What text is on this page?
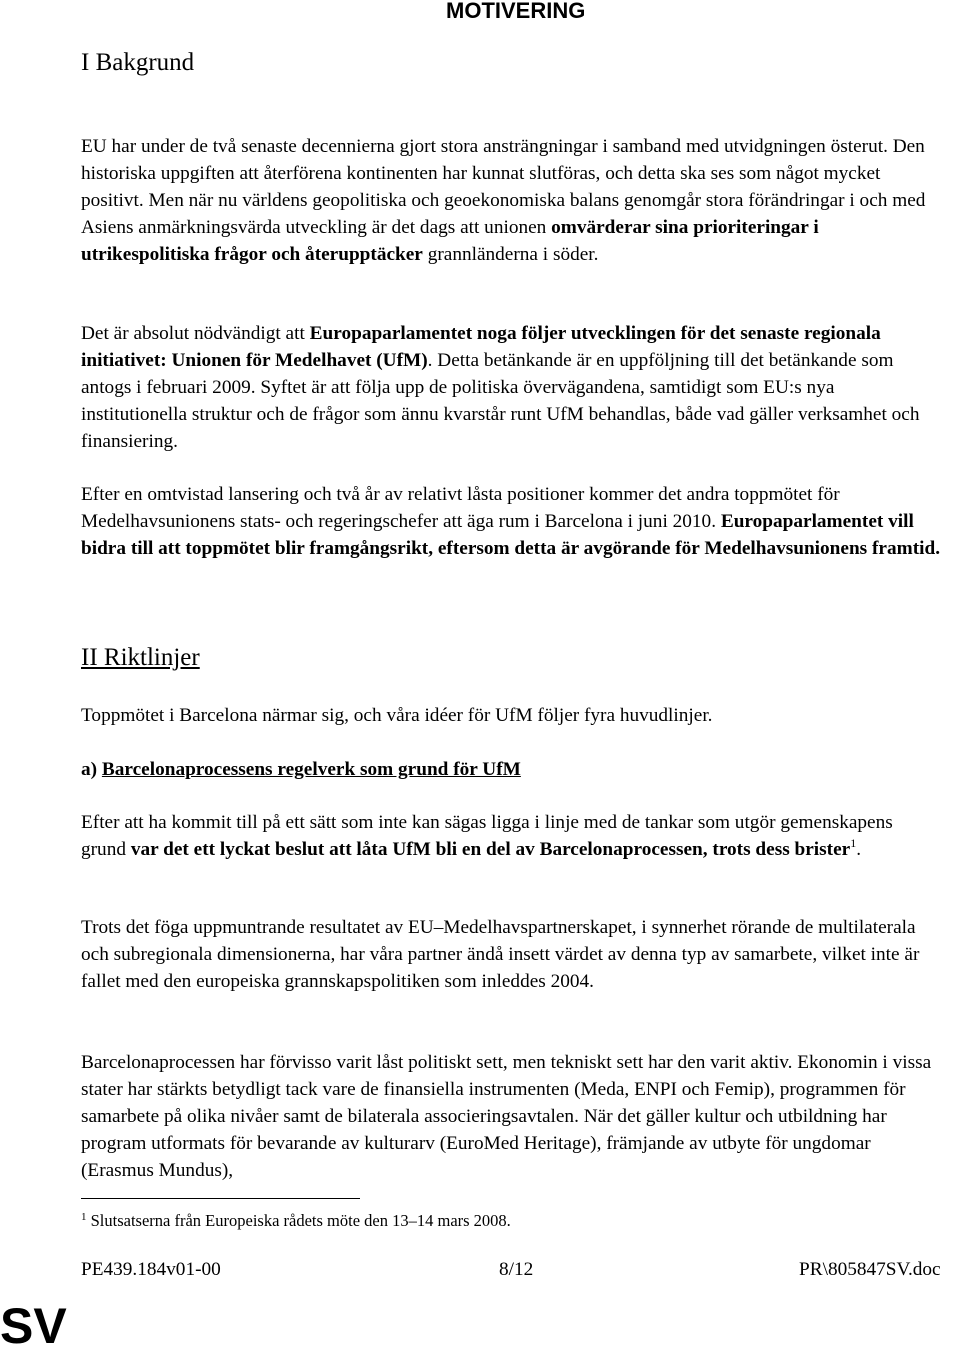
MOTIVERING
I Bakgrund

EU har under de två senaste decennierna gjort stora ansträngningar i samband med utvidgningen österut. Den historiska uppgiften att återförena kontinenten har kunnat slutföras, och detta ska ses som något mycket positivt. Men när nu världens geopolitiska och geoekonomiska balans genomgår stora förändringar i och med Asiens anmärkningsvärda utveckling är det dags att unionen omvärderar sina prioriteringar i utrikespolitiska frågor och återupptäcker grannländerna i söder.

Det är absolut nödvändigt att Europaparlamentet noga följer utvecklingen för det senaste regionala initiativet: Unionen för Medelhavet (UfM). Detta betänkande är en uppföljning till det betänkande som antogs i februari 2009. Syftet är att följa upp de politiska övervägandena, samtidigt som EU:s nya institutionella struktur och de frågor som ännu kvarstår runt UfM behandlas, både vad gäller verksamhet och finansiering.

Efter en omtvistad lansering och två år av relativt låsta positioner kommer det andra toppmötet för Medelhavsunionens stats- och regeringschefer att äga rum i Barcelona i juni 2010. Europaparlamentet vill bidra till att toppmötet blir framgångsrikt, eftersom detta är avgörande för Medelhavsunionens framtid.

II Riktlinjer

Toppmötet i Barcelona närmar sig, och våra idéer för UfM följer fyra huvudlinjer.

a) Barcelonaprocessens regelverk som grund för UfM

Efter att ha kommit till på ett sätt som inte kan sägas ligga i linje med de tankar som utgör gemenskapens grund var det ett lyckat beslut att låta UfM bli en del av Barcelonaprocessen, trots dess brister$^1$.

Trots det föga uppmuntrande resultatet av EU–Medelhavspartnerskapet, i synnerhet rörande de multilaterala och subregionala dimensionerna, har våra partner ändå insett värdet av denna typ av samarbete, vilket inte är fallet med den europeiska grannskapspolitiken som inleddes 2004.

Barcelonaprocessen har förvisso varit låst politiskt sett, men tekniskt sett har den varit aktiv. Ekonomin i vissa stater har stärkts betydligt tack vare de finansiella instrumenten (Meda, ENPI och Femip), programmen för samarbete på olika nivåer samt de bilaterala associeringsavtalen. När det gäller kultur och utbildning har program utformats för bevarande av kulturarv (EuroMed Heritage), främjande av utbyte för ungdomar (Erasmus Mundus),

$^1$ Slutsatserna från Europeiska rådets möte den 13–14 mars 2008.
PE439.184v01-00	8/12	PR\805847SV.doc
SV
